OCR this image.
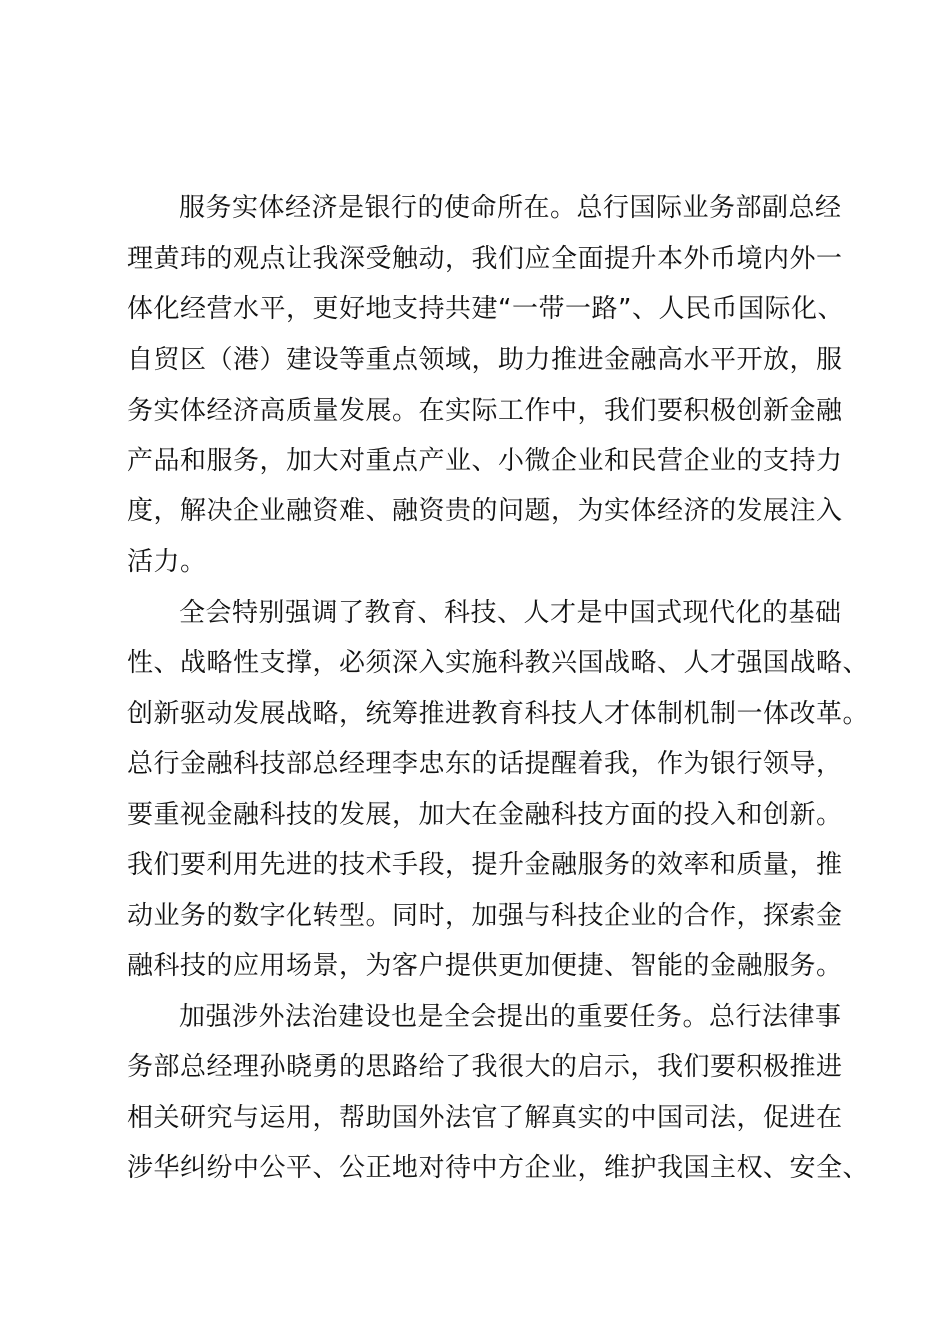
服务实体经济是银行的使命所在。总行国际业务部副总经
理黄玮的观点让我深受触动，我们应全面提升本外币境内外一
体化经营水平，更好地支持共建“一带一路”、人民币国际化、
自贸区（港）建设等重点领域，助力推进金融高水平开放，服
务实体经济高质量发展。在实际工作中，我们要积极创新金融
产品和服务，加大对重点产业、小微企业和民营企业的支持力
度，解决企业融资难、融资贵的问题，为实体经济的发展注入
活力。
全会特别强调了教育、科技、人才是中国式现代化的基础
性、战略性支撑，必须深入实施科教兴国战略、人才强国战略、
创新驱动发展战略，统筹推进教育科技人才体制机制一体改革。
总行金融科技部总经理李忠东的话提醒着我，作为银行领导，
要重视金融科技的发展，加大在金融科技方面的投入和创新。
我们要利用先进的技术手段，提升金融服务的效率和质量，推
动业务的数字化转型。同时，加强与科技企业的合作，探索金
融科技的应用场景，为客户提供更加便捷、智能的金融服务。
加强涉外法治建设也是全会提出的重要任务。总行法律事
务部总经理孙晓勇的思路给了我很大的启示，我们要积极推进
相关研究与运用，帮助国外法官了解真实的中国司法，促进在
涉华纠纷中公平、公正地对待中方企业，维护我国主权、安全、
